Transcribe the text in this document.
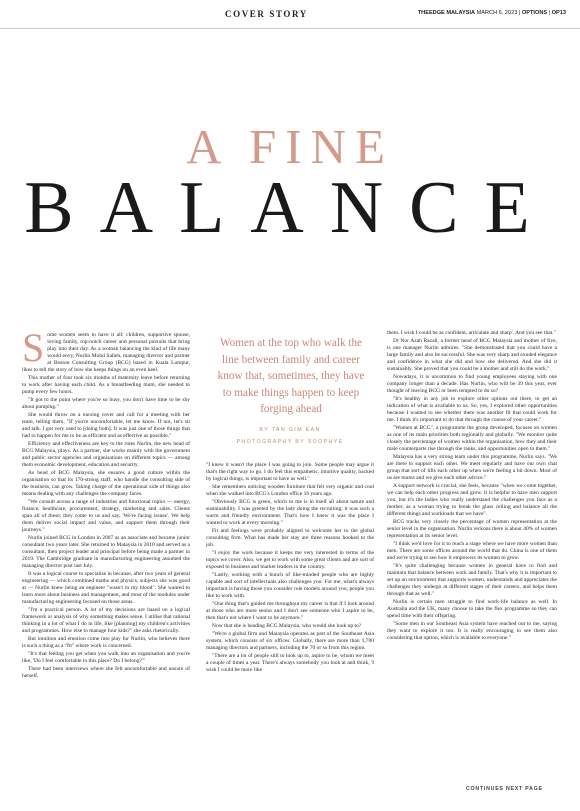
COVER STORY	THEEDGE MALAYSIA MARCH 6, 2023 | OPTIONS | OP13
A FINE
BALANCE
S ome women seem to have it all: children, supportive spouse, loving family, top-notch career and personal pursuits that bring play into their day. As a woman balancing the kind of life many would envy, Nurlin Mohd Salleh, managing director and partner at Boston Consulting Group (BCG) based in Kuala Lumpur, likes to tell the story of how she keeps things on an even keel.

This mother of four took six months of maternity leave before returning to work after having each child. As a breastfeeding mum, she needed to pump every few hours.

"It got to the point where you're so busy, you don't have time to be shy about pumping."

She would throw on a nursing cover and call for a meeting with her team, telling them, "If you're uncomfortable, let me know. If not, let's sit and talk. I got very used to [doing both]. It was just one of those things that had to happen for me to be as efficient and as effective as possible."

Efficiency and effectiveness are key to the roles Nurlin, the new head of BCG Malaysia, plays. As a partner, she works mainly with the government and public sector agencies and organisations on different topics — among them economic development, education and security.

As head of BCG Malaysia, she ensures a good culture within the organisation so that its 170-strong staff, who handle the consulting side of the business, can grow. Taking charge of the operational side of things also means dealing with any challenges the company faces.

"We consult across a range of industries and functional topics — energy, finance, healthcare, procurement, strategy, marketing and sales. Clients span all of these; they come to us and say, 'We're facing issues'. We help them deliver social impact and value, and support them through their journeys."

Nurlin joined BCG in London in 2007 as an associate and became junior consultant two years later. She returned to Malaysia in 2010 and served as a consultant, then project leader and principal before being made a partner in 2019. The Cambridge graduate in manufacturing engineering assumed the managing director post last July.

It was a logical course to specialise in because, after two years of general engineering — which combined maths and physics, subjects she was good at — Nurlin knew being an engineer "wasn't in my blood". She wanted to learn more about business and management, and most of the modules under manufacturing engineering focused on those areas.

"I'm a practical person. A lot of my decisions are based on a logical framework or analysis of why something makes sense. I utilise that rational thinking in a lot of what I do in life, like [planning] my children's activities and programmes. How else to manage four kids?" she asks rhetorically.

But intuition and emotion come into play for Nurlin, who believes there is such a thing as a "fit" where work is concerned.

"It's that feeling you get when you walk into an organisation and you're like, 'Do I feel comfortable in this place? Do I belong?'"

There had been interviews where she felt uncomfortable and unsure of herself.

Women at the top who walk the line between family and career know that, sometimes, they have to make things happen to keep forging ahead
BY TAN GIM EAN
PHOTOGRAPHY BY SOOPHYE

"I knew it wasn't the place I was going to join. Some people may argue it that's the right way to go. I do feel this empathetic, intuitive quality, backed by logical things, is important to have as well."

She remembers noticing wooden furniture that felt very organic and cool when she walked into BCG's London office 16 years ago.

"Obviously BCG is green, which to me is in itself all about nature and sustainability. I was greeted by the lady doing the recruiting; it was such a warm and friendly environment. That's how I knew it was the place I wanted to work at every morning."

Fit and feelings were probably aligned to welcome her to the global consulting firm. What has made her stay are three reasons hooked to the job.

"I enjoy the work because it keeps me very interested in terms of the topics we cover. Also, we get to work with some great clients and are sort of exposed to business and market leaders in the country.

"Lastly, working with a bunch of like-minded people who are highly capable and sort of intellectuals also challenges you. For me, what's always important is having those you consider role models around you, people you like to work with.

"One thing that's guided me throughout my career is that if I look around at those who are more senior and I don't see someone who I aspire to be, then that's not where I want to be anymore."

Now that she is heading BCG Malaysia, who would she look up to?

"We're a global firm and Malaysia operates as part of the Southeast Asia system, which consists of six offices. Globally, there are more than 1,700 managing directors and partners, including the 70 or so from this region.

"There are a lot of people still to look up to, aspire to be, whom we meet a couple of times a year. There's always somebody you look at and think, 'I wish I could be more like

them. I wish I could be as confident, articulate and sharp'. And you see that."

Dr Nor Azah Razali, a former head of BCG Malaysia and mother of five, is one manager Nurlin admires. "She demonstrated that you could have a large family and also be successful. She was very sharp and exuded elegance and confidence in what she did and how she delivered. And she did it sustainably. She proved that you could be a mother and still do the work."

Nowadays, it is uncommon to find young employees staying with one company longer than a decade. Has Nurlin, who will be 39 this year, ever thought of leaving BCG or been tempted to do so?

"It's healthy in any job to explore other options out there, to get an indication of what is available to us. So, yes, I explored other opportunities because I wanted to see whether there was another fit that could work for me. I think it's important to do that through the course of your career."

"Women at BCG", a programme the group developed, focuses on women as one of its main priorities both regionally and globally. "We monitor quite closely the percentage of women within the organisation, how they and their male counterparts rise through the ranks, and opportunities open to them."

Malaysia has a very strong team under this programme, Nurlin says. "We are there to support each other. We meet regularly and have our own chat group that sort of lifts each other up when we're feeling a bit down. Most of us are mums and we give each other advice."

A support network is crucial, she feels, because "when we come together, we can help each other progress and grow. It is helpful to have men support you, but it's the ladies who really understand the challenges you face as a mother, as a woman trying to break the glass ceiling and balance all the different things and workloads that we have".

BCG tracks very closely the percentage of women representation at the senior level in the organisation. Nurlin reckons there is about 40% of women representation at its senior level.

"I think we'd love for it to reach a stage where we have more women than men. There are some offices around the world that do. China is one of them and we're trying to see how it empowers its women to grow.

"It's quite challenging because women in general have to find and maintain that balance between work and family. That's why it is important to set up an environment that supports women, understands and appreciates the challenges they undergo at different stages of their careers, and helps them through that as well."

Nurlin is certain men struggle to find work-life balance as well. In Australia and the UK, many choose to take the flex programme so they can spend time with their offspring.

"Some men in our Southeast Asia system have reached out to me, saying they want to explore it too. It is really encouraging to see them also considering that option, which is available to everyone."

CONTINUES NEXT PAGE
